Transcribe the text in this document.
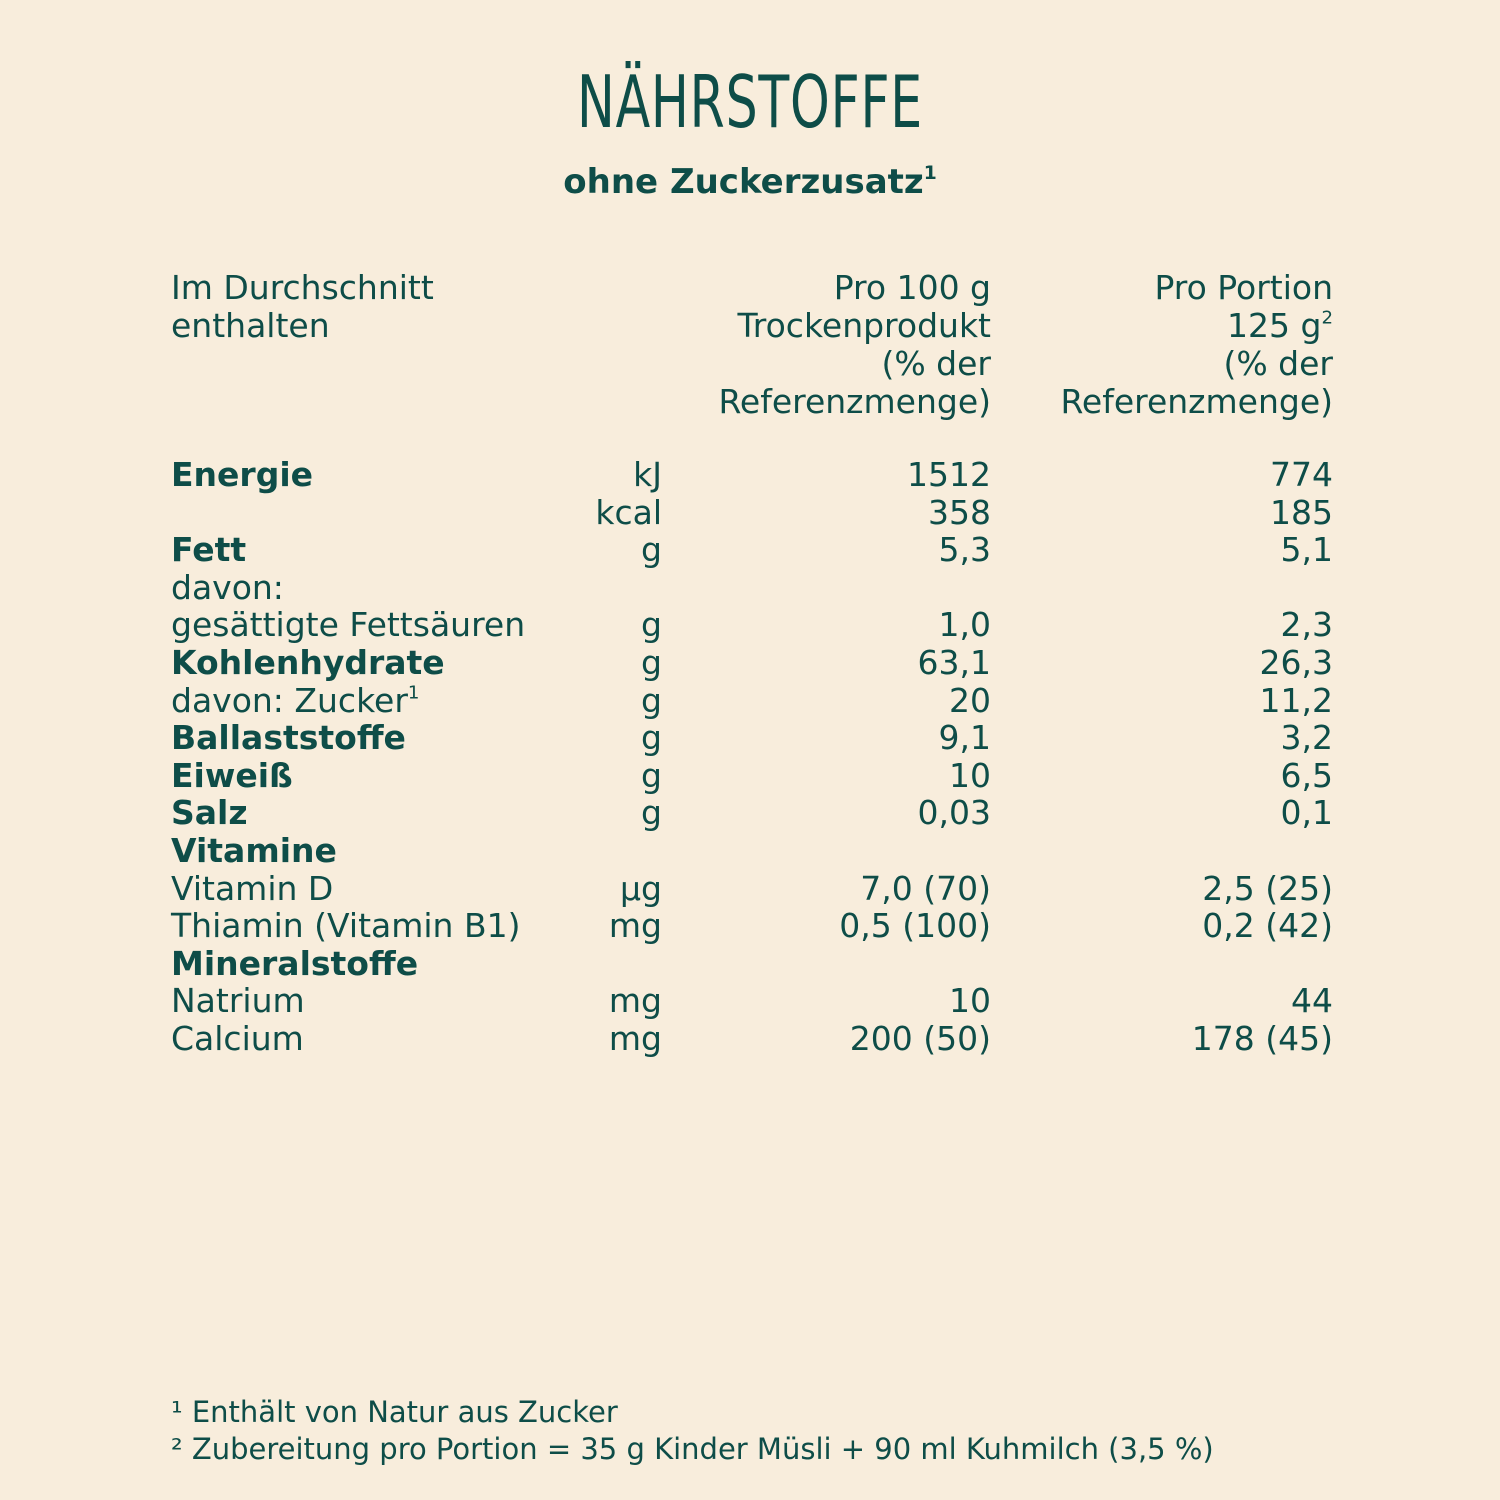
NÄHRSTOFFE
ohne Zuckerzusatz$^1$
Im Durchschnitt
enthalten
Pro 100 g
Trockenprodukt
(% der
Referenzmenge)
Pro Portion
125 $g^2$
(% der
Referenzmenge)
Energie	kJ	1512	774
kcal	358	185
Fett	g	5,3	5,1
davon:
gesättigte Fettsäuren	g	1,0	2,3
Kohlenhydrate	g	63,1	26,3
davon: Zucker$^1$	g	20	11,2
Ballaststoffe	g	9,1	3,2
Eiweiß	g	10	6,5
Salz	g	0,03	0,1
Vitamine
Vitamin D	µg	7,0 (70)	2,5 (25)
Thiamin (Vitamin B1)	mg	0,5 (100)	0,2 (42)
Mineralstoffe
Natrium	mg	10	44
Calcium	mg	200 (50)	178 (45)
¹ Enthält von Natur aus Zucker
² Zubereitung pro Portion = 35 g Kinder Müsli + 90 ml Kuhmilch (3,5 %)
